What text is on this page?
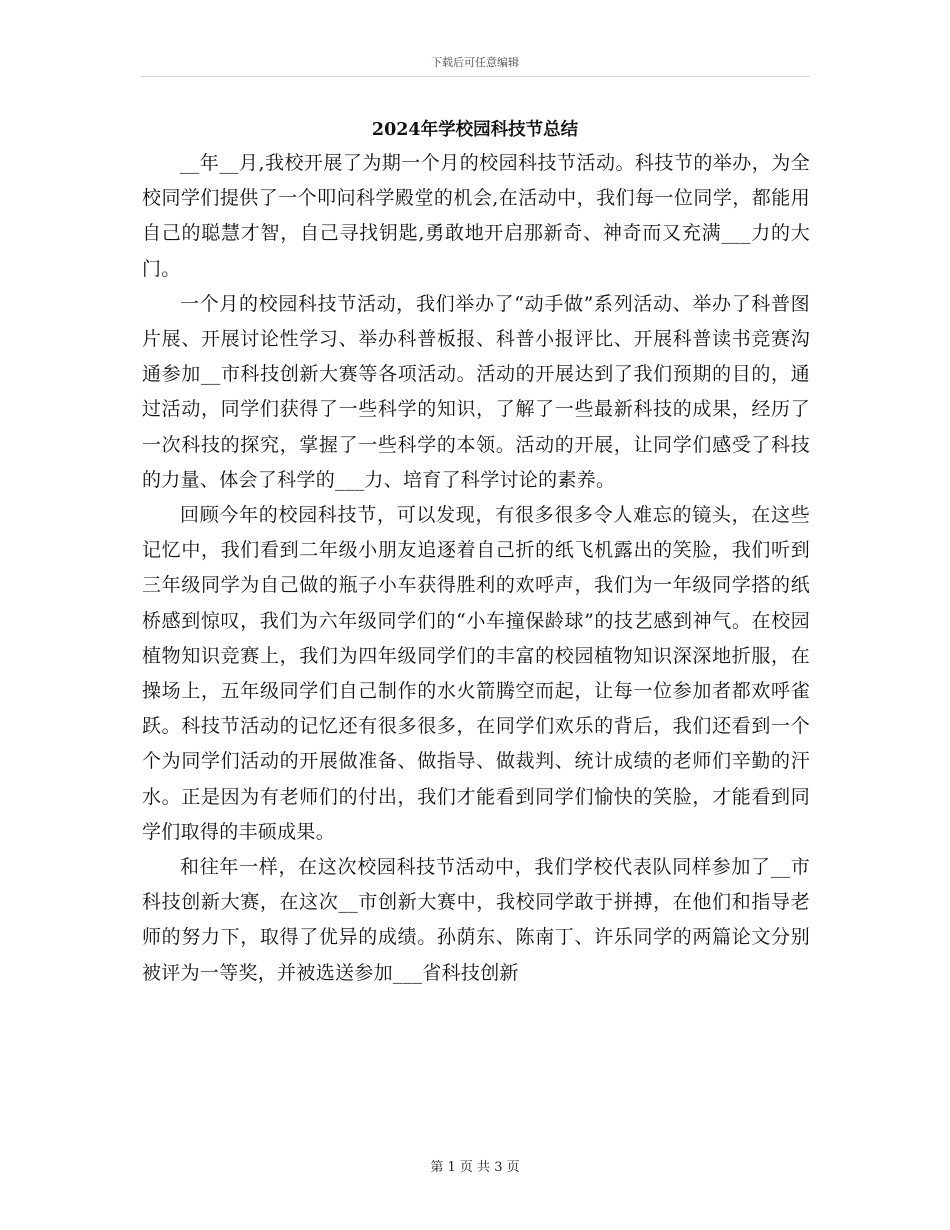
下载后可任意编辑
2024年学校园科技节总结

__年__月,我校开展了为期一个月的校园科技节活动。科技节的举办，为全校同学们提供了一个叩问科学殿堂的机会,在活动中，我们每一位同学，都能用自己的聪慧才智，自己寻找钥匙,勇敢地开启那新奇、神奇而又充满___力的大门。

一个月的校园科技节活动，我们举办了“动手做”系列活动、举办了科普图片展、开展讨论性学习、举办科普板报、科普小报评比、开展科普读书竞赛沟通参加__市科技创新大赛等各项活动。活动的开展达到了我们预期的目的，通过活动，同学们获得了一些科学的知识，了解了一些最新科技的成果，经历了一次科技的探究，掌握了一些科学的本领。活动的开展，让同学们感受了科技的力量、体会了科学的___力、培育了科学讨论的素养。

回顾今年的校园科技节，可以发现，有很多很多令人难忘的镜头，在这些记忆中，我们看到二年级小朋友追逐着自己折的纸飞机露出的笑脸，我们听到三年级同学为自己做的瓶子小车获得胜利的欢呼声，我们为一年级同学搭的纸桥感到惊叹，我们为六年级同学们的“小车撞保龄球”的技艺感到神气。在校园植物知识竞赛上，我们为四年级同学们的丰富的校园植物知识深深地折服，在操场上，五年级同学们自己制作的水火箭腾空而起，让每一位参加者都欢呼雀跃。科技节活动的记忆还有很多很多，在同学们欢乐的背后，我们还看到一个个为同学们活动的开展做准备、做指导、做裁判、统计成绩的老师们辛勤的汗水。正是因为有老师们的付出，我们才能看到同学们愉快的笑脸，才能看到同学们取得的丰硕成果。

和往年一样，在这次校园科技节活动中，我们学校代表队同样参加了__市科技创新大赛，在这次__市创新大赛中，我校同学敢于拼搏，在他们和指导老师的努力下，取得了优异的成绩。孙荫东、陈南丁、许乐同学的两篇论文分别被评为一等奖，并被选送参加___省科技创新

第 1 页 共 3 页
